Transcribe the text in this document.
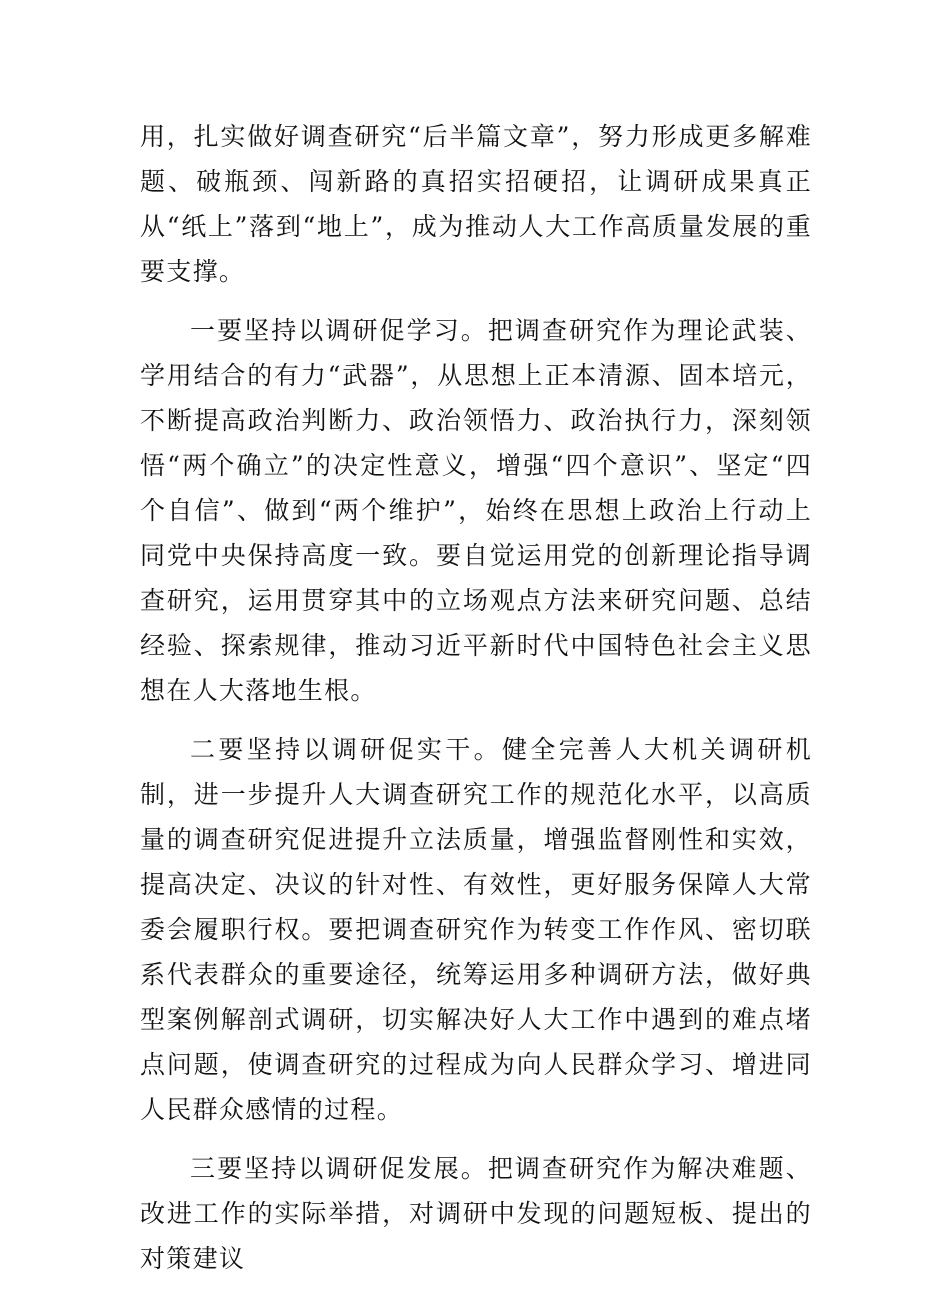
用，扎实做好调查研究“后半篇文章”，努力形成更多解难题、破瓶颈、闯新路的真招实招硬招，让调研成果真正从“纸上”落到“地上”，成为推动人大工作高质量发展的重要支撑。

一要坚持以调研促学习。把调查研究作为理论武装、学用结合的有力“武器”，从思想上正本清源、固本培元，不断提高政治判断力、政治领悟力、政治执行力，深刻领悟“两个确立”的决定性意义，增强“四个意识”、坚定“四个自信”、做到“两个维护”，始终在思想上政治上行动上同党中央保持高度一致。要自觉运用党的创新理论指导调查研究，运用贯穿其中的立场观点方法来研究问题、总结经验、探索规律，推动习近平新时代中国特色社会主义思想在人大落地生根。

二要坚持以调研促实干。健全完善人大机关调研机制，进一步提升人大调查研究工作的规范化水平，以高质量的调查研究促进提升立法质量，增强监督刚性和实效，提高决定、决议的针对性、有效性，更好服务保障人大常委会履职行权。要把调查研究作为转变工作作风、密切联系代表群众的重要途径，统筹运用多种调研方法，做好典型案例解剖式调研，切实解决好人大工作中遇到的难点堵点问题，使调查研究的过程成为向人民群众学习、增进同人民群众感情的过程。

三要坚持以调研促发展。把调查研究作为解决难题、改进工作的实际举措，对调研中发现的问题短板、提出的对策建议
